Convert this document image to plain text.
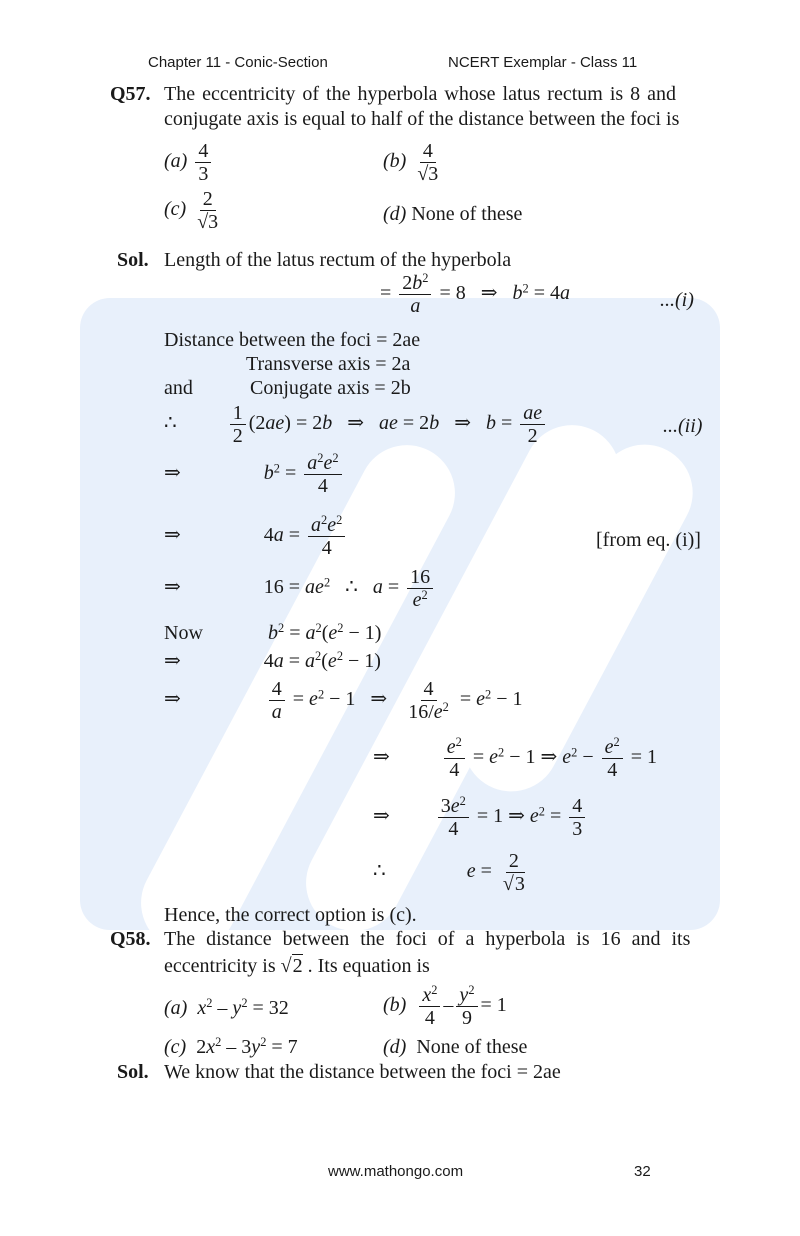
Chapter 11 - Conic-Section	NCERT Exemplar - Class 11
Q57. The eccentricity of the hyperbola whose latus rectum is 8 and
conjugate axis is equal to half of the distance between the foci is
$(a) \frac{4}{3}$	$(b) \frac{4}{√3}$
$(c) \frac{2}{√3}$	(d) None of these
Sol. Length of the latus rectum of the hyperbola
= $\frac{2b^2}{a} = 8$   ⇒   $b^2 = 4a$	...(i)
Distance between the foci = 2ae
Transverse axis = 2a
and	Conjugate axis = 2b
∴ $\frac{1}{2} (2ae) = 2b$   ⇒   ae = 2b   ⇒   $b = \frac{ae}{2}$	...(ii)
⇒	$b^2 = \frac{a^2e^2}{4}$
⇒	$4a = \frac{a^2e^2}{4}$	[from eq. (i)]
⇒	$16 = ae^2$   ∴   $a = \frac{16}{e^2}$
Now	$b^2 = a^2(e^2 - 1)$
⇒	$4a = a^2(e^2 - 1)$
⇒	$\frac{4}{a} = e^2 - 1$   ⇒ $\frac{4}{16/e^2} = e^2 - 1$
⇒ $\frac{e^2}{4} = e^2 - 1$ ⇒ $e^2 - \frac{e^2}{4} = 1$
⇒ $\frac{3e^2}{4} = 1$ ⇒ $e^2 = \frac{4}{3}$
∴	$e = \frac{2}{√3}$
Hence, the correct option is (c).
Q58. The distance between the foci of a hyperbola is 16 and its
eccentricity is √2 . Its equation is
(a) $x^2 - y^2 = 32$	$(b) \frac{x^2}{4} - \frac{y^2}{9} = 1$
(c)  $2x^2 - 3y^2 = 7$	(d) None of these
Sol. We know that the distance between the foci = 2ae
www.mathongo.com	32
